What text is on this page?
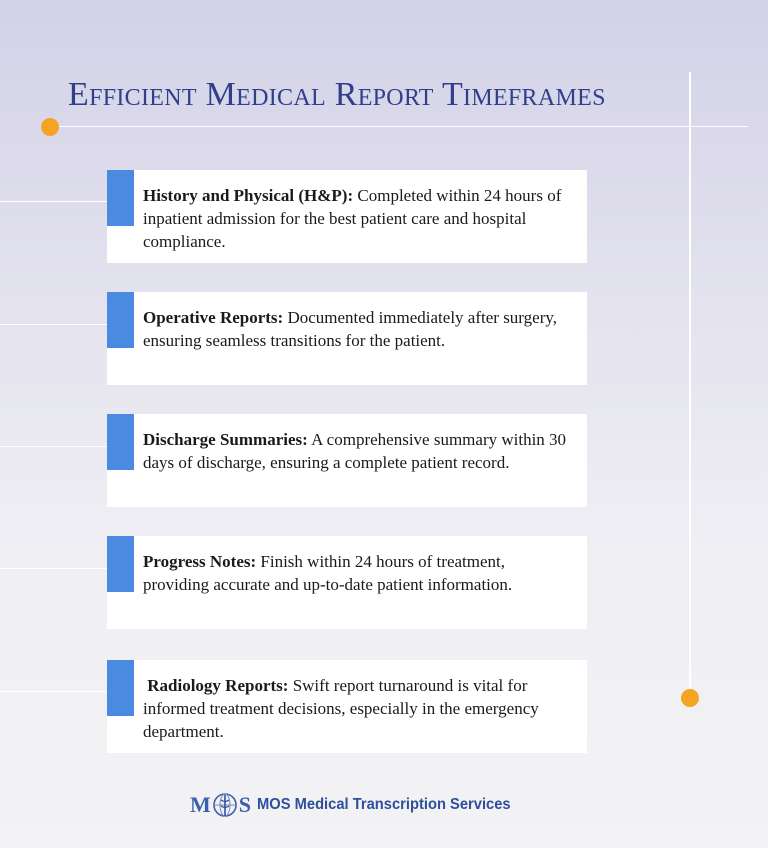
Efficient Medical Report Timeframes
History and Physical (H&P): Completed within 24 hours of inpatient admission for the best patient care and hospital compliance.
Operative Reports: Documented immediately after surgery, ensuring seamless transitions for the patient.
Discharge Summaries: A comprehensive summary within 30 days of discharge, ensuring a complete patient record.
Progress Notes: Finish within 24 hours of treatment, providing accurate and up-to-date patient information.
Radiology Reports: Swift report turnaround is vital for informed treatment decisions, especially in the emergency department.
M S MOS Medical Transcription Services
